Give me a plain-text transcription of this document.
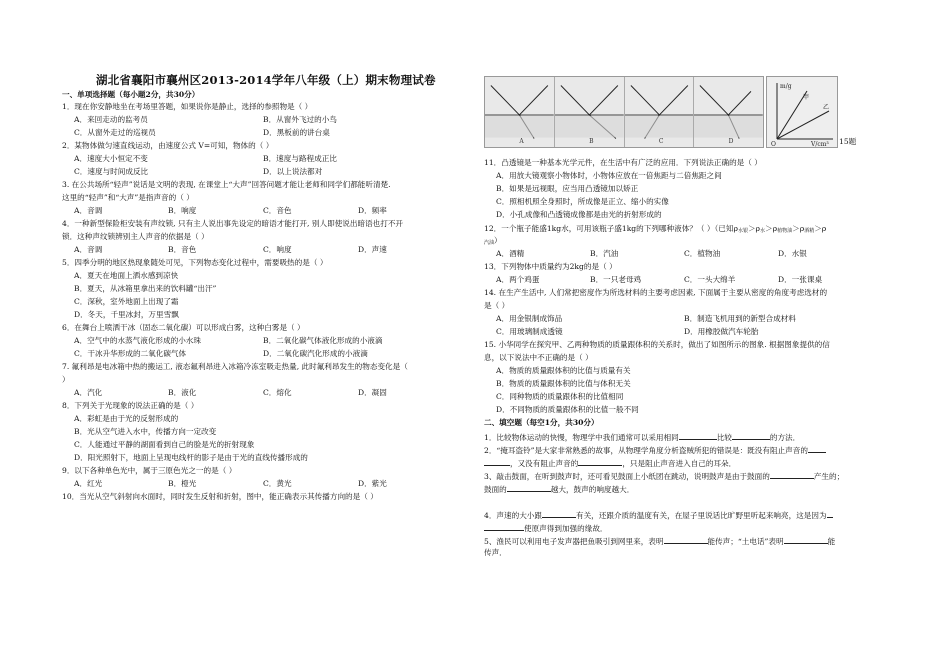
湖北省襄阳市襄州区2013-2014学年八年级（上）期末物理试卷
一、单项选择题（每小题2分，共30分）
1．现在你安静地坐在考场里答题，如果说你是静止，选择的参照物是（ ）
A．来回走动的监考员	B．从窗外飞过的小鸟
C．从窗外走过的巡视员	D．黑板前的讲台桌
2．某物体做匀速直线运动，由速度公式 V=可知，物体的（ ）
A．速度大小恒定不变	B．速度与路程成正比
C．速度与时间成反比	D．以上说法都对
3. 在公共场所“轻声”说话是文明的表现, 在课堂上“大声”回答问题才能让老师和同学们都能听清楚.
这里的“轻声”和“大声”是指声音的（ ）
A．音调	B．响度	C．音色	D．频率
4．一种新型保险柜安装有声纹锁, 只有主人说出事先设定的暗语才能打开, 别人即使说出暗语也打不开
锁．这种声纹锁辨别主人声音的依据是（ ）
A．音调	B．音色	C．响度	D．声速
5．四季分明的地区热现象随处可见，下列物态变化过程中，需要吸热的是（ ）
A．夏天在地面上洒水感到凉快
B．夏天，从冰箱里拿出来的饮料罐“出汗”
C．深秋，室外地面上出现了霜
D．冬天，千里冰封，万里雪飘
6．在舞台上喷洒干冰（固态二氧化碳）可以形成白雾，这种白雾是（ ）
A．空气中的水蒸气液化形成的小水珠	B．二氧化碳气体液化形成的小液滴
C．干冰升华形成的二氧化碳气体	D．二氧化碳汽化形成的小液滴
7. 氟利昂是电冰箱中热的搬运工, 液态氟利昂进入冰箱冷冻室吸走热量, 此时氟利昂发生的物态变化是（
）
A．汽化	B．液化	C．熔化	D．凝固
8．下列关于光现象的说法正确的是（ ）
A．彩虹是由于光的反射形成的
B．光从空气进入水中，传播方向一定改变
C．人能通过平静的湖面看到自己的脸是光的折射现象
D．阳光照射下，地面上呈现电线杆的影子是由于光的直线传播形成的
9．以下各种单色光中，属于三原色光之一的是（ ）
A．红光	B．橙光	C．黄光	D．紫光
10．当光从空气斜射向水面时，同时发生反射和折射，图中，能正确表示其传播方向的是（ ）
11．凸透镜是一种基本光学元件，在生活中有广泛的应用．下列说法正确的是（ ）
A．用放大镜观察小物体时，小物体应放在一倍焦距与二倍焦距之间
B．如果是远视眼，应当用凸透镜加以矫正
C．照相机照全身照时，所成像是正立、缩小的实像
D．小孔成像和凸透镜成像都是由光的折射形成的
13．下列物体中质量约为2kg的是（ ）
A．两个鸡蛋	B．一只老母鸡	C．一头大绵羊	D．一张课桌
14. 在生产生活中, 人们常把密度作为所选材料的主要考虑因素, 下面属于主要从密度的角度考虑选材的
是（ ）
A．用金银制成饰品	B．制造飞机用到的新型合成材料
C．用玻璃制成透镜	D．用橡胶做汽车轮胎
15. 小华同学在探究甲、乙两种物质的质量跟体积的关系时，做出了如图所示的图象. 根据图象提供的信
息，以下说法中不正确的是（ ）
A．物质的质量跟体积的比值与质量有关
B．物质的质量跟体积的比值与体积无关
C．同种物质的质量跟体积的比值相同
D．不同物质的质量跟体积的比值一般不同
二、填空题（每空1分，共30分）
4．声速的大小跟	有关，还跟介质的温度有关，在屋子里说话比旷野里听起来响亮，这是因为
使原声得到加强的缘故．
5、渔民可以利用电子发声器把鱼吸引到网里来，表明	能传声；“土电话”表明	能
传声．
A	B	C	D
m/g
V/cm³
O
甲
乙
15题
12．一个瓶子能盛1kg水，可用该瓶子盛1kg的下列哪种液体？（ ）（已知$\rho_{水银}>\rho_水>\rho_{植物油}>\rho_{酒精}>\rho$
$_{汽油}$）
A．酒精	B．汽油	C．植物油	D．水银
1．比较物体运动的快慢，物理学中我们通常可以采用相同	比较	的方法．
2．“掩耳盗铃”是大家非常熟悉的故事，从物理学角度分析盗贼所犯的错误是：既没有阻止声音的
，又没有阻止声音的	，只是阻止声音进入自己的耳朵．
3、敲击鼓面，在听到鼓声时，还可看见鼓面上小纸团在跳动，说明鼓声是由于鼓面的	产生的；
鼓面的	越大，鼓声的响度越大．
